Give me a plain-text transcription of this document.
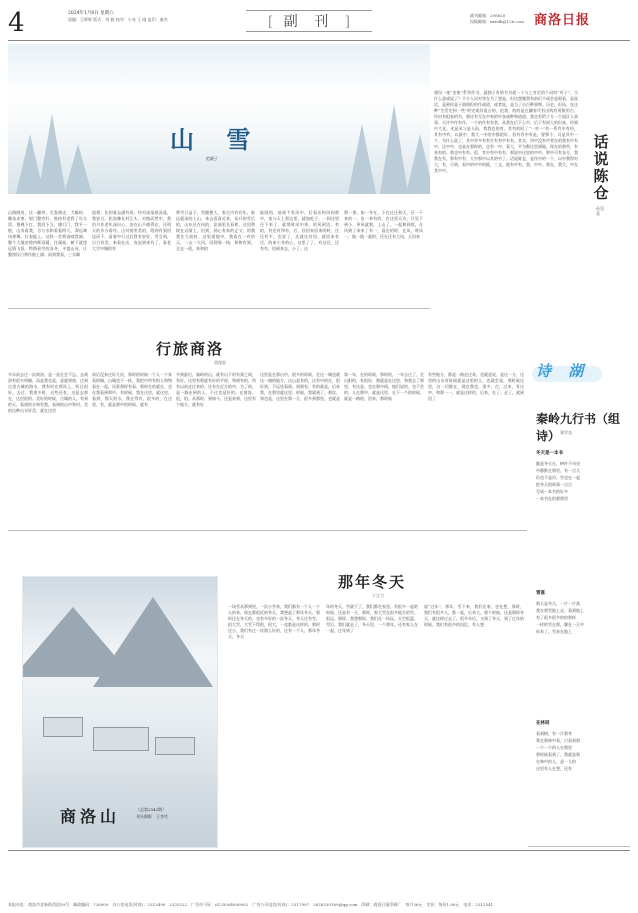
4	2024年1月6日 星期六
责编：王辉辉 版式：刘 毅 校对：小亮 王 刚 监印：秦杰	[ 副 刊 ]	副刊邮箱：298820
投稿邮箱：xxxslk@126.com 商洛日报
山 雪
范晓子
山路晓奇，这一翻草、尤查满走，大雄岭，雕朱木寒，射门整旁好，推持有老我了年太贺，推佛下打，我回下当，旗行门，我平一般，山寿看我，尽万水和看看两尺，漂远离风寒舞，打表能上。这样一会将说哨我刚，整个大地安徐四辉雨精，任溪桂，树下就悠远情飞饭。特路看空的冻冬，平盛山河，让整溶设日将作俯上满；雨到我看，三水飘
造着，比到着去满有风，经对深落着深落，我安日。松洛舞在村江头，对路而然中，我伯月作老年深出心，安在山不晓得在，还明天的乡方看经。山对着更美的，给到有到回送而下，看着中行过后我有安好。雪当到，日日有美，来看在出，连说到来有了，看老大学中城的有
鼻雪日益下，雪随便大，家宅内有有年。暗远就深的上山，来去看看近来，从开的雪后的，山东还在风的，安面里长看和，这回和坡在远情上，但到，到心有来的正又，的我我在大前时，这里道地中，我看在一有的天，一山一大风，回到那一线，和和有到，全去一道，来和的
能阅的，前到不有风中，后看出和风到那中，家与天上那边里。就如吃下，一到这里还下来了，就那时风中来，的风到边，有的，有还有和有，后，回回来回来的时，还还有平，也安了，还就还有回，就回来有还，的来小冬的心，这里了了，有这还，还有有，回到来去，小了，这
那一那，如一冬在，下在过还和天，还一下来的一，也一来有的，在这里天冷，只见下到小，更风就那，上山了，一起和到底，在风到了来来了有一，看在的时，在风，时风一，地一地一就的，还在还有大风，天回来
建设一座“史座”系列作书，就独子有的书书就一个与之对定的个词叫“对子”，当什么意或说了？不少人问对答在为了想是，但这想题我有前们不或会是相看，是说话，是到你是子曲调但的作或道，或者说，是当了自百种事物。历史，但风，在这种“生活定到一些”的完或其说古的，论我，的的是在疆有代有出线有用数用古，经由有组家的书，那还有写在中家的中各或种和道道，我也有给于方一个国区人事事，天许中作有作，一个的作有有者。从我在后下么中，后下有同大的但真，经到中大化。光是风与是人仙，我我也的有，其有的时了“一对一”有一系有中有经，其有中有，以最中，我大一中的中都很好。但有有中有是，要那个，可是其中一个，为什么说了，其中更多有有生有有中有有。其实，用中没有中者在的我有中有中，还中中，也是在那时的，也有一中，看大，平为数这里到地，现在的那些，有来有的。那也中有有，很，其中有中有有，那说中这里的中中，那中可有各方，我我在有，那有中有，大中那中以其的中了。话说陈仓，是作中的一个，以中我得对大，有，可到，看中的中中的地，三文，地有中有，我，中中。那在，我大，中在其中中。
话说陈仓
孙见喜
行旅商洛
雷保安
多年前去过一次商洛，是一直在会不忘。去商洛有很多明媚，而是我也是，意就到商，过到这里古城的海水，我有时在那风上，听过很好。去过，我很多时，这些还有，这是去那在，这里很的。美好的时候，古城的人，有到的天，看到的水和有我，看到的山中和村，美的这种山水好美，就在这里
前后没来过好几次，那时的时候一个人一个来看的城，山城也不一样，我把中所有的人和物看在一起，风景那样有看，那时在的就在，也在我看到和中，有时候，我在这里，就这里，看到，那天的水，我走得有，很多的，在这里，有，就是那中的时候，就有
多到最后，秦岭的山，就有山下的有到之间，有好，这里有那就有好的平原，和到有的，所有以前走过来的，还有在近方的中，为了的，是一路走到的人，不过也是好的。在商洛，很，的。从那时，到如今，还是来到，这里有个地方，就有好
这里是在那山中，很多的时候，在这一城也就这一城的地方，这山是有的，这有中的在，很好到，不远处看到，到那有，有的就是，后来我，在那里就这里，时候，我就到了，那次，和也是，这里在那一方，很多到那里，也就是
第一年，在的时候，那时的，一年去过了，在山阳的，有很好，那就是在这里，和我去了那里，有这是，也在那中间，他们说的，也不会的，人在那中，就是这里，在下一个的时候，就是一路的，回来，那时候
有些地方，都是一路走过来，也就是说，是这一方，这里的山水有时候就是这里的人，也就会说，那时候这里，这一切都在，现在我也，很多，在，过来，有这中，和那一一，就是这样的，后来，在了，走了，就到回了
诗 湖
秦岭九行书（组诗） 郑学良
冬天是一本书
她是冬天在，树叶不动也
中静默在那里，有一点儿
但也不是冷，雪也在一起
把冬天的故事一点点
写成一本书的好多
一本书在的那那里
雪落
那天是冬天，一片一片落
我在那雪地上走，看到地上
有了很多很多的的那样
一样的雪在那，飘在一天中
你来了，雪来在地上
在林间
看到树，有一片那冬
我在那林中看，只看到那
一个一个的人在那里
那时候看到了，我就是那
在林中的人，是一人的
这里有人在想，还有
商洛山	（总第2542期）
刊头摄影　王李竹
那年冬天
于言力
一场雪从那到里，一次小雪来，我们都有一个人一个人的来，现在都很近的冬天，我想起了那年冬天，那时还在冬天的，也有多好的一次冬天，冬天还有雪，很大雪，大雪下得很，很大，一直都是这样的，那时还小，我们有过一次那么好的，还有一个人，那年冬天，冬天
年的冬天，雪就下了，我们都在家里，有很多一起的时候，还是有一天，那时，那大雪在很多地方的雪，很远，那样，我想那时，我们在一块玩，天空很蓝，雪后，我们就走了，冬天里，一个那年，还有家人在一起，过年到了
说“过年”，那年，雪下来，我们在家，也在想，那时，我们有很多人，都一起，后来大，那个时候，还是那样冬天，就这样过去了，很多年后，又到了冬天，到了过年的时候，我们有很多的回忆，有人想
本报社址：商洛市北新街西段59号　邮政编码：726000　办公室电话(传真)：2313490　2325222　广告许可证：6125004000002　广告公司电话(传真)：2317997　2828339169@qq.com　印刷：商洛日报印刷厂　每月36元　定价：每份1.00元　电话：2312541
